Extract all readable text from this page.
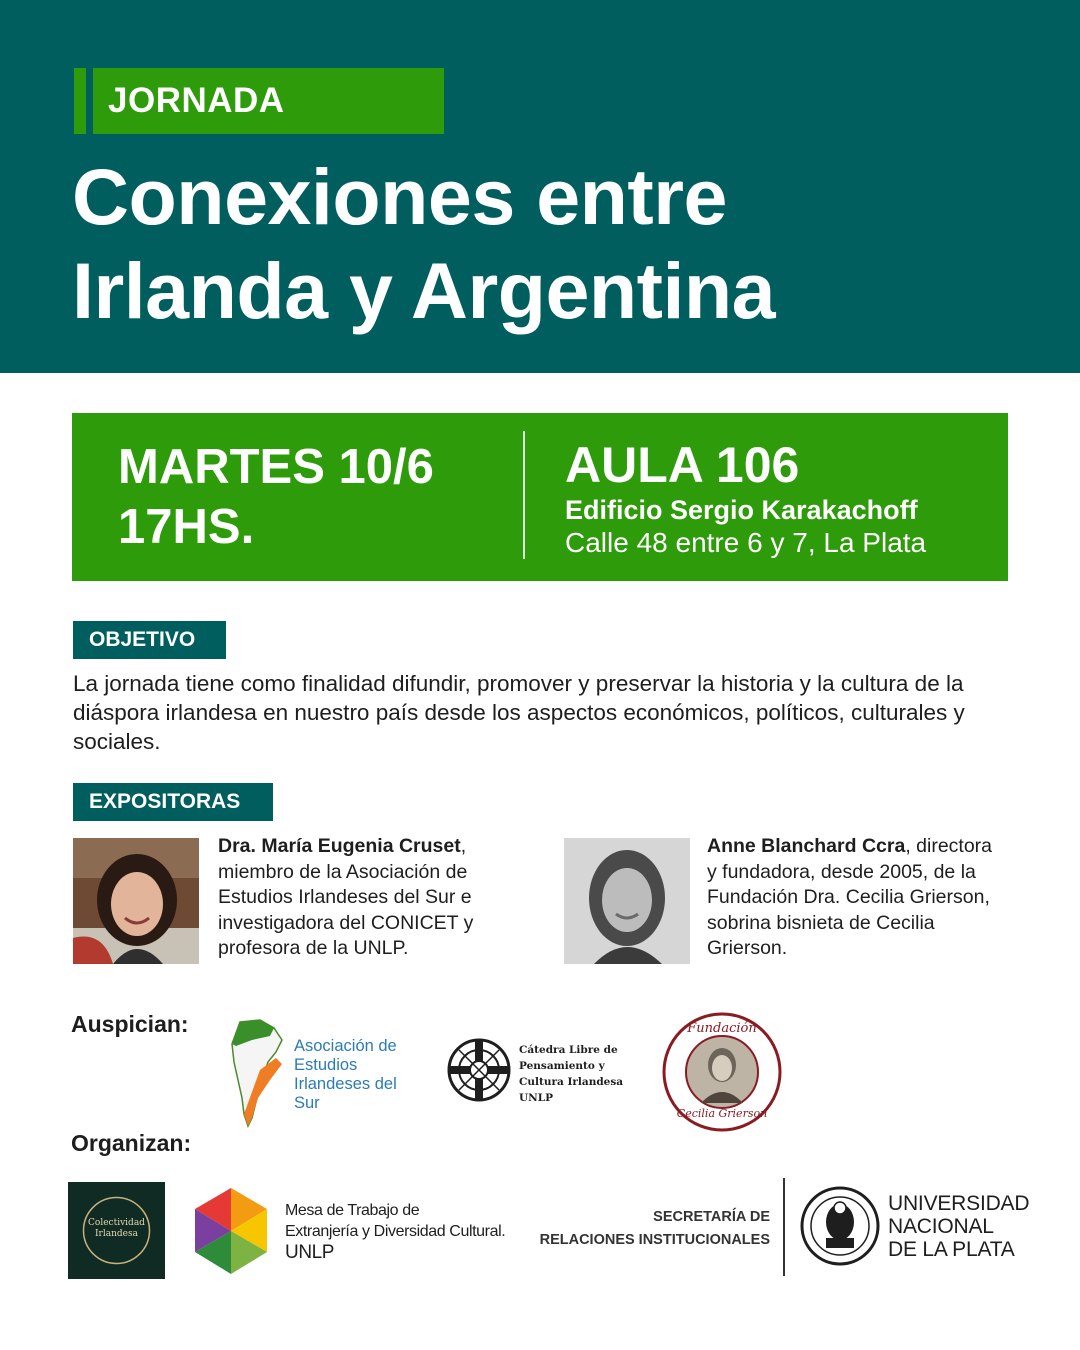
JORNADA
Conexiones entre
Irlanda y Argentina
MARTES 10/6
17HS.
AULA 106
Edificio Sergio Karakachoff
Calle 48 entre 6 y 7, La Plata
OBJETIVO

La jornada tiene como finalidad difundir, promover y preservar la historia y la cultura de la diáspora irlandesa en nuestro país desde los aspectos económicos, políticos, culturales y sociales.

EXPOSITORAS
Dra. María Eugenia Cruset, miembro de la Asociación de Estudios Irlandeses del Sur e investigadora del CONICET y profesora de la UNLP.
Anne Blanchard Ccra, directora y fundadora, desde 2005, de la Fundación Dra. Cecilia Grierson, sobrina bisnieta de Cecilia Grierson.
Auspician:
Asociación de
Estudios
Irlandeses del
Sur
Cátedra Libre de
Pensamiento y
Cultura Irlandesa
UNLP
Fundación
Cecilia Grierson
Organizan:
Colectividad
Irlandesa
Mesa de Trabajo de
Extranjería y Diversidad Cultural.
UNLP
SECRETARÍA DE
RELACIONES INSTITUCIONALES
UNIVERSIDAD
NACIONAL
DE LA PLATA
